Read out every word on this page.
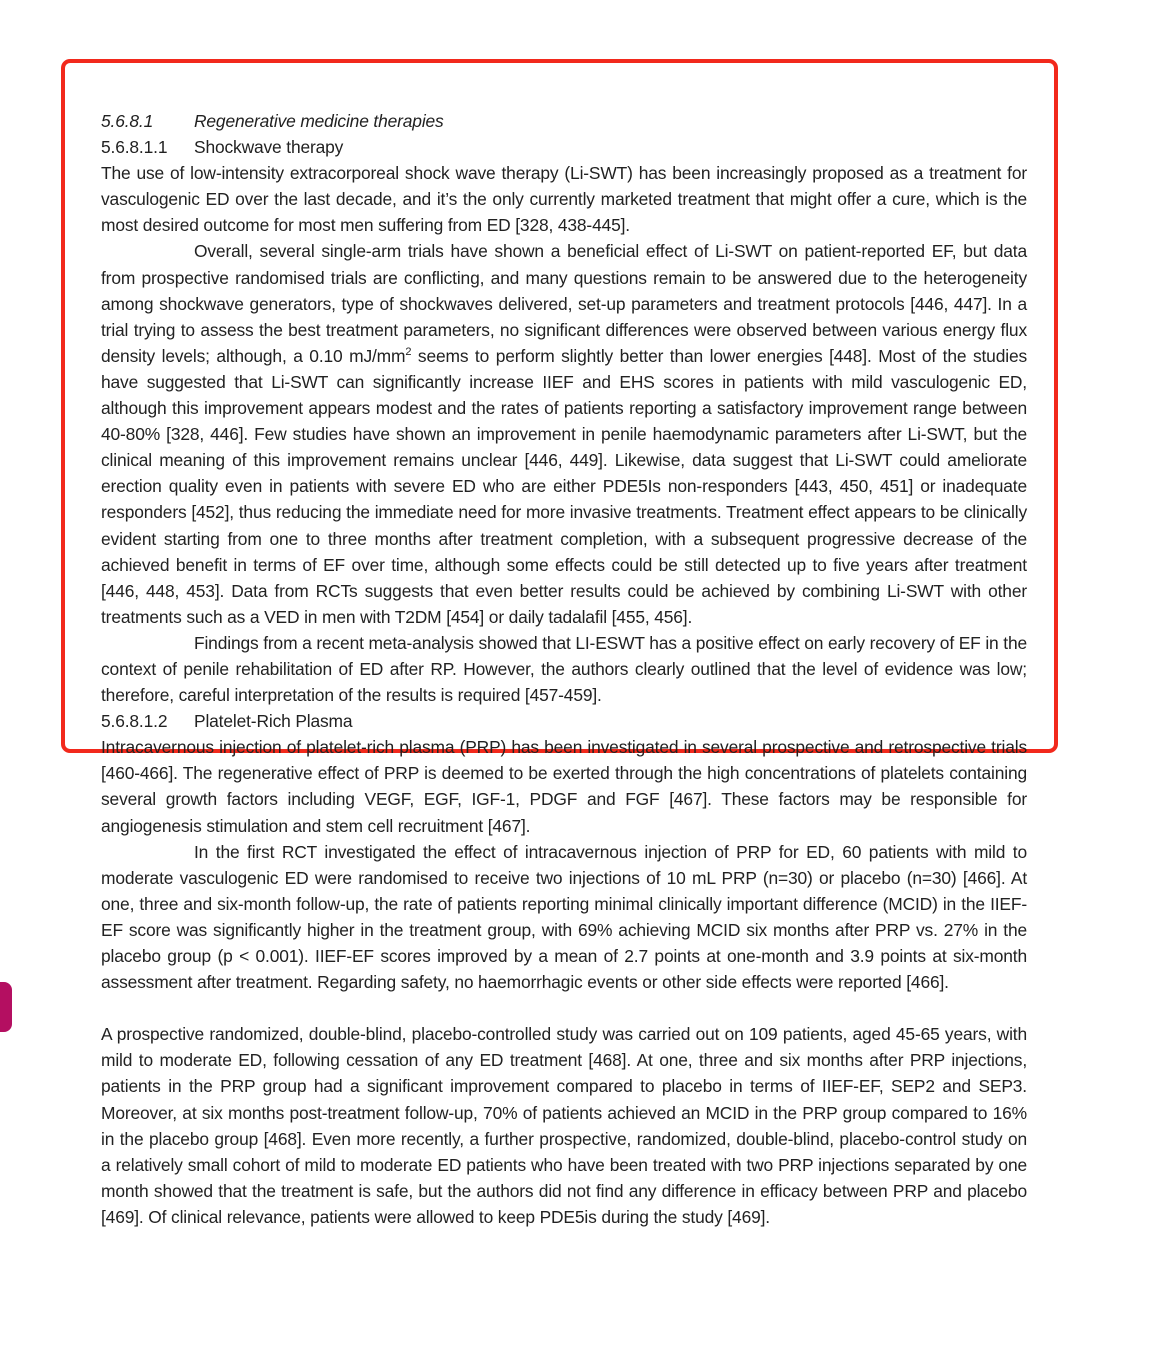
5.6.8.1	Regenerative medicine therapies
5.6.8.1.1	Shockwave therapy

The use of low-intensity extracorporeal shock wave therapy (Li-SWT) has been increasingly proposed as a treatment for vasculogenic ED over the last decade, and it’s the only currently marketed treatment that might offer a cure, which is the most desired outcome for most men suffering from ED [328, 438-445].

Overall, several single-arm trials have shown a beneficial effect of Li-SWT on patient-reported EF, but data from prospective randomised trials are conflicting, and many questions remain to be answered due to the heterogeneity among shockwave generators, type of shockwaves delivered, set-up parameters and treatment protocols [446, 447]. In a trial trying to assess the best treatment parameters, no significant differences were observed between various energy flux density levels; although, a 0.10 $mJ/mm^2$ seems to perform slightly better than lower energies [448]. Most of the studies have suggested that Li-SWT can significantly increase IIEF and EHS scores in patients with mild vasculogenic ED, although this improvement appears modest and the rates of patients reporting a satisfactory improvement range between 40-80% [328, 446]. Few studies have shown an improvement in penile haemodynamic parameters after Li-SWT, but the clinical meaning of this improvement remains unclear [446, 449]. Likewise, data suggest that Li-SWT could ameliorate erection quality even in patients with severe ED who are either PDE5Is non-responders [443, 450, 451] or inadequate responders [452], thus reducing the immediate need for more invasive treatments. Treatment effect appears to be clinically evident starting from one to three months after treatment completion, with a subsequent progressive decrease of the achieved benefit in terms of EF over time, although some effects could be still detected up to five years after treatment [446, 448, 453]. Data from RCTs suggests that even better results could be achieved by combining Li-SWT with other treatments such as a VED in men with T2DM [454] or daily tadalafil [455, 456].

Findings from a recent meta-analysis showed that LI-ESWT has a positive effect on early recovery of EF in the context of penile rehabilitation of ED after RP. However, the authors clearly outlined that the level of evidence was low; therefore, careful interpretation of the results is required [457-459].

5.6.8.1.2	Platelet-Rich Plasma

Intracavernous injection of platelet-rich plasma (PRP) has been investigated in several prospective and retrospective trials [460-466]. The regenerative effect of PRP is deemed to be exerted through the high concentrations of platelets containing several growth factors including VEGF, EGF, IGF-1, PDGF and FGF [467]. These factors may be responsible for angiogenesis stimulation and stem cell recruitment [467].

In the first RCT investigated the effect of intracavernous injection of PRP for ED, 60 patients with mild to moderate vasculogenic ED were randomised to receive two injections of 10 mL PRP (n=30) or placebo (n=30) [466]. At one, three and six-month follow-up, the rate of patients reporting minimal clinically important difference (MCID) in the IIEF-EF score was significantly higher in the treatment group, with 69% achieving MCID six months after PRP vs. 27% in the placebo group (p < 0.001). IIEF-EF scores improved by a mean of 2.7 points at one-month and 3.9 points at six-month assessment after treatment. Regarding safety, no haemorrhagic events or other side effects were reported [466].

A prospective randomized, double-blind, placebo-controlled study was carried out on 109 patients, aged 45-65 years, with mild to moderate ED, following cessation of any ED treatment [468]. At one, three and six months after PRP injections, patients in the PRP group had a significant improvement compared to placebo in terms of IIEF-EF, SEP2 and SEP3. Moreover, at six months post-treatment follow-up, 70% of patients achieved an MCID in the PRP group compared to 16% in the placebo group [468]. Even more recently, a further prospective, randomized, double-blind, placebo-control study on a relatively small cohort of mild to moderate ED patients who have been treated with two PRP injections separated by one month showed that the treatment is safe, but the authors did not find any difference in efficacy between PRP and placebo [469]. Of clinical relevance, patients were allowed to keep PDE5is during the study [469].
